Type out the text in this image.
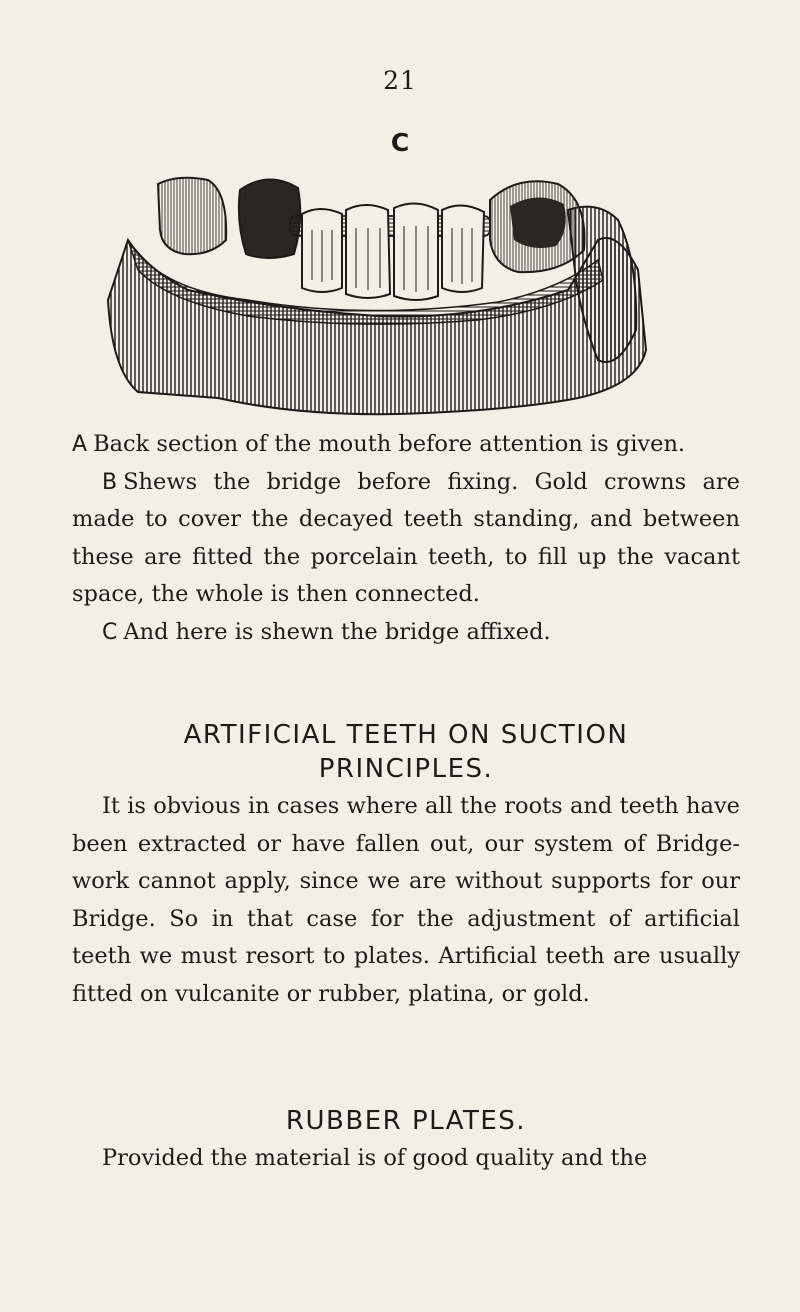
21
C

A Back section of the mouth before attention is given.

B Shews the bridge before fixing. Gold crowns are made to cover the decayed teeth standing, and between these are fitted the porcelain teeth, to fill up the vacant space, the whole is then connected.

C And here is shewn the bridge affixed.

ARTIFICIAL TEETH ON SUCTION

PRINCIPLES.

It is obvious in cases where all the roots and teeth have been extracted or have fallen out, our system of Bridge-work cannot apply, since we are without supports for our Bridge. So in that case for the adjustment of artificial teeth we must resort to plates. Artificial teeth are usually fitted on vulcanite or rubber, platina, or gold.

RUBBER PLATES.

Provided the material is of good quality and the
